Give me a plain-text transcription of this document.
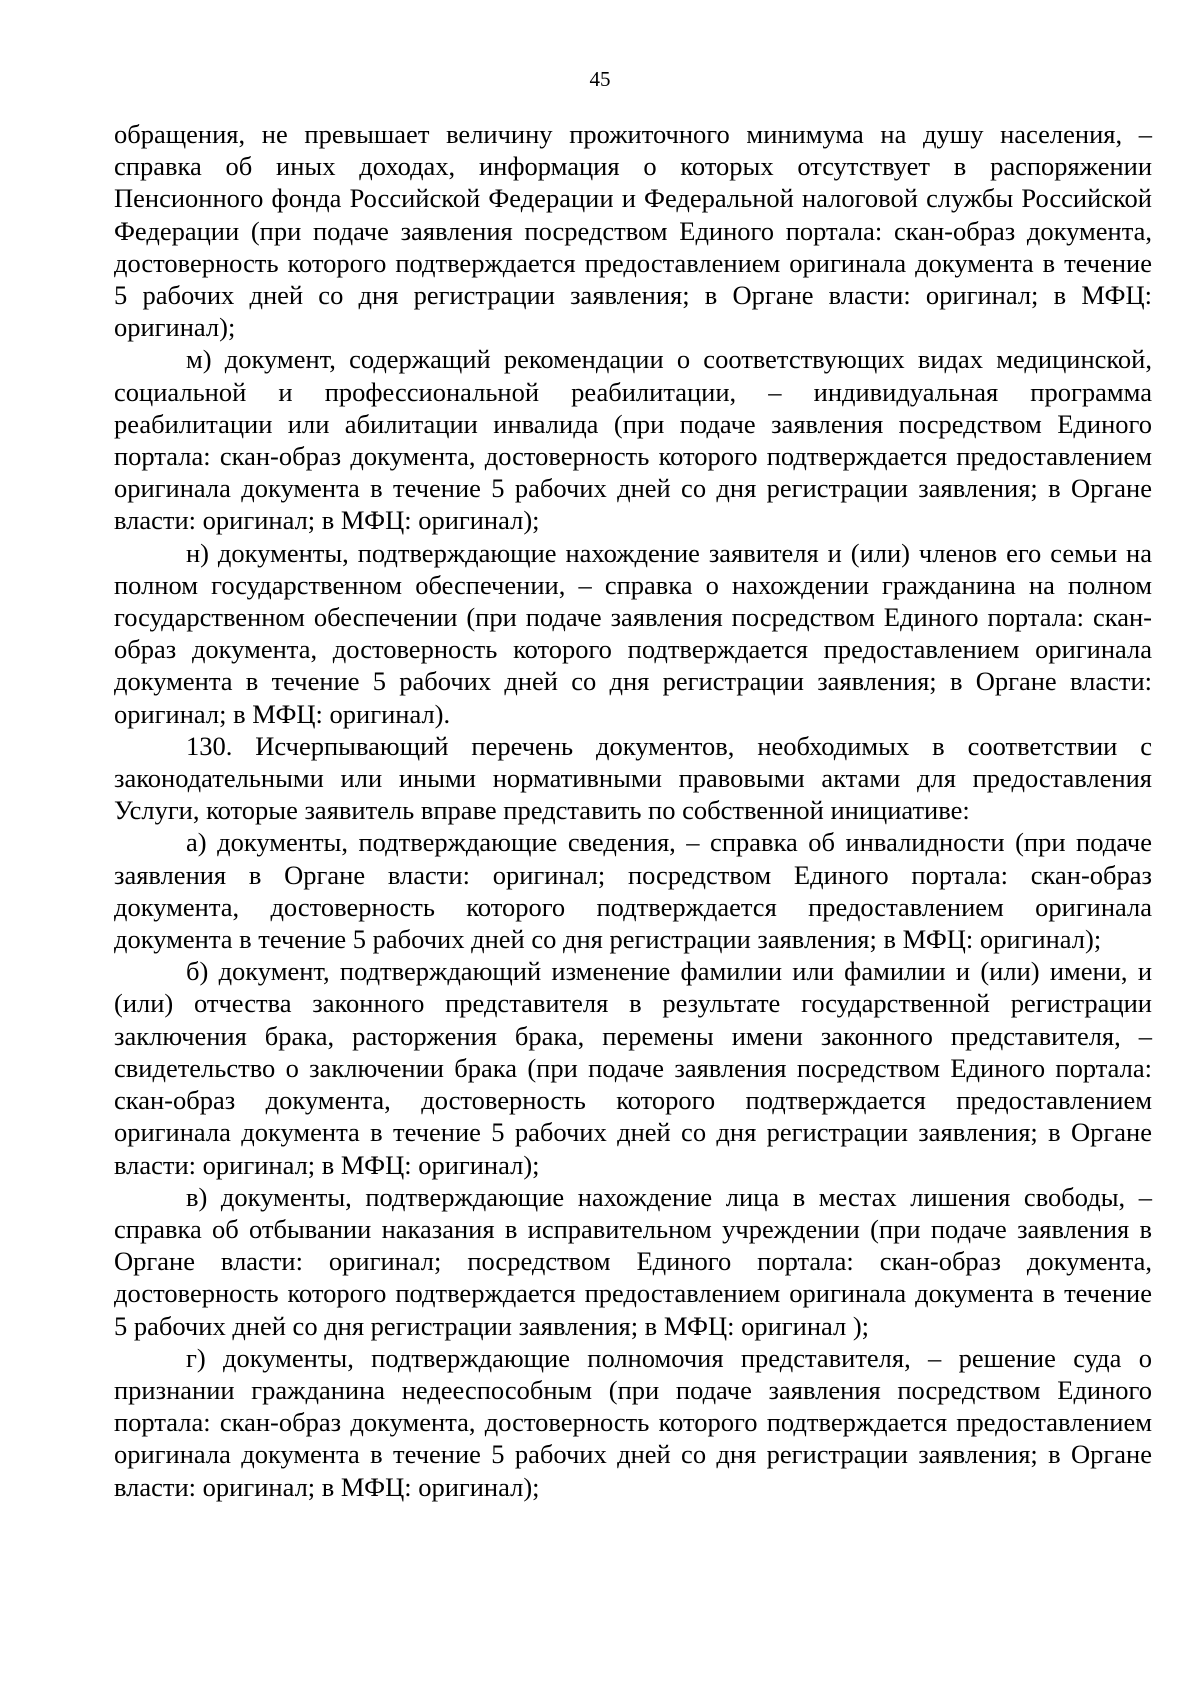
45

обращения, не превышает величину прожиточного минимума на душу населения, – справка об иных доходах, информация о которых отсутствует в распоряжении Пенсионного фонда Российской Федерации и Федеральной налоговой службы Российской Федерации (при подаче заявления посредством Единого портала: скан-образ документа, достоверность которого подтверждается предоставлением оригинала документа в течение 5 рабочих дней со дня регистрации заявления; в Органе власти: оригинал; в МФЦ: оригинал);

м) документ, содержащий рекомендации о соответствующих видах медицинской, социальной и профессиональной реабилитации, – индивидуальная программа реабилитации или абилитации инвалида (при подаче заявления посредством Единого портала: скан-образ документа, достоверность которого подтверждается предоставлением оригинала документа в течение 5 рабочих дней со дня регистрации заявления; в Органе власти: оригинал; в МФЦ: оригинал);

н) документы, подтверждающие нахождение заявителя и (или) членов его семьи на полном государственном обеспечении, – справка о нахождении гражданина на полном государственном обеспечении (при подаче заявления посредством Единого портала: скан-образ документа, достоверность которого подтверждается предоставлением оригинала документа в течение 5 рабочих дней со дня регистрации заявления; в Органе власти: оригинал; в МФЦ: оригинал).

130. Исчерпывающий перечень документов, необходимых в соответствии с законодательными или иными нормативными правовыми актами для предоставления Услуги, которые заявитель вправе представить по собственной инициативе:

а) документы, подтверждающие сведения, – справка об инвалидности (при подаче заявления в Органе власти: оригинал; посредством Единого портала: скан-образ документа, достоверность которого подтверждается предоставлением оригинала документа в течение 5 рабочих дней со дня регистрации заявления; в МФЦ: оригинал);

б) документ, подтверждающий изменение фамилии или фамилии и (или) имени, и (или) отчества законного представителя в результате государственной регистрации заключения брака, расторжения брака, перемены имени законного представителя, – свидетельство о заключении брака (при подаче заявления посредством Единого портала: скан-образ документа, достоверность которого подтверждается предоставлением оригинала документа в течение 5 рабочих дней со дня регистрации заявления; в Органе власти: оригинал; в МФЦ: оригинал);

в) документы, подтверждающие нахождение лица в местах лишения свободы, – справка об отбывании наказания в исправительном учреждении (при подаче заявления в Органе власти: оригинал; посредством Единого портала: скан-образ документа, достоверность которого подтверждается предоставлением оригинала документа в течение 5 рабочих дней со дня регистрации заявления; в МФЦ: оригинал );

г) документы, подтверждающие полномочия представителя, – решение суда о признании гражданина недееспособным (при подаче заявления посредством Единого портала: скан-образ документа, достоверность которого подтверждается предоставлением оригинала документа в течение 5 рабочих дней со дня регистрации заявления; в Органе власти: оригинал; в МФЦ: оригинал);
